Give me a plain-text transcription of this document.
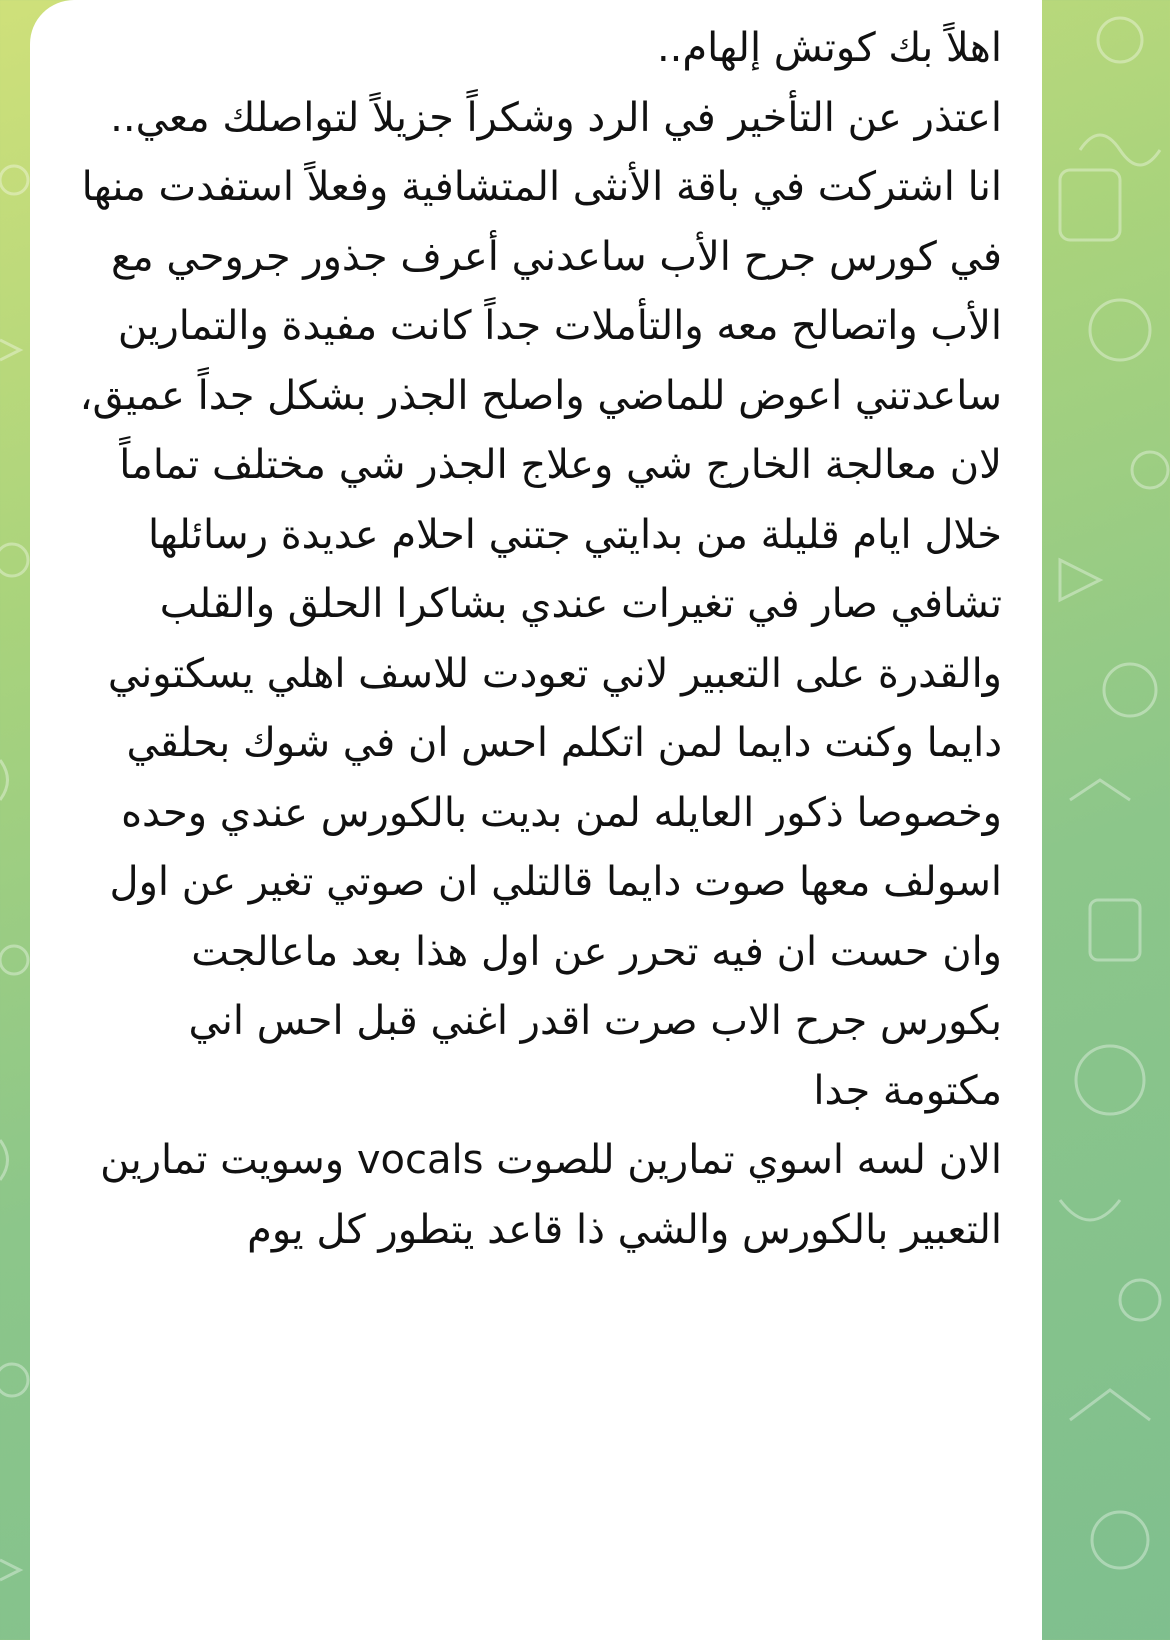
اهلاً بك كوتش إلهام..
اعتذر عن التأخير في الرد وشكراً جزيلاً لتواصلك معي..
انا اشتركت في باقة الأنثى المتشافية وفعلاً استفدت منها
في كورس جرح الأب ساعدني أعرف جذور جروحي مع الأب واتصالح معه والتأملات جداً كانت مفيدة والتمارين ساعدتني اعوض للماضي واصلح الجذر بشكل جداً عميق، لان معالجة الخارج شي وعلاج الجذر شي مختلف تماماً
خلال ايام قليلة من بدايتي جتني احلام عديدة رسائلها تشافي صار في تغيرات عندي بشاكرا الحلق والقلب والقدرة على التعبير لاني تعودت للاسف اهلي يسكتوني دايما وكنت دايما لمن اتكلم احس ان في شوك بحلقي وخصوصا ذكور العايله لمن بديت بالكورس عندي وحده اسولف معها صوت دايما قالتلي ان صوتي تغير عن اول وان حست ان فيه تحرر عن اول هذا بعد ماعالجت بكورس جرح الاب صرت اقدر اغني قبل احس اني مكتومة جدا
الان لسه اسوي تمارين للصوت vocals وسويت تمارين التعبير بالكورس والشي ذا قاعد يتطور كل يوم
